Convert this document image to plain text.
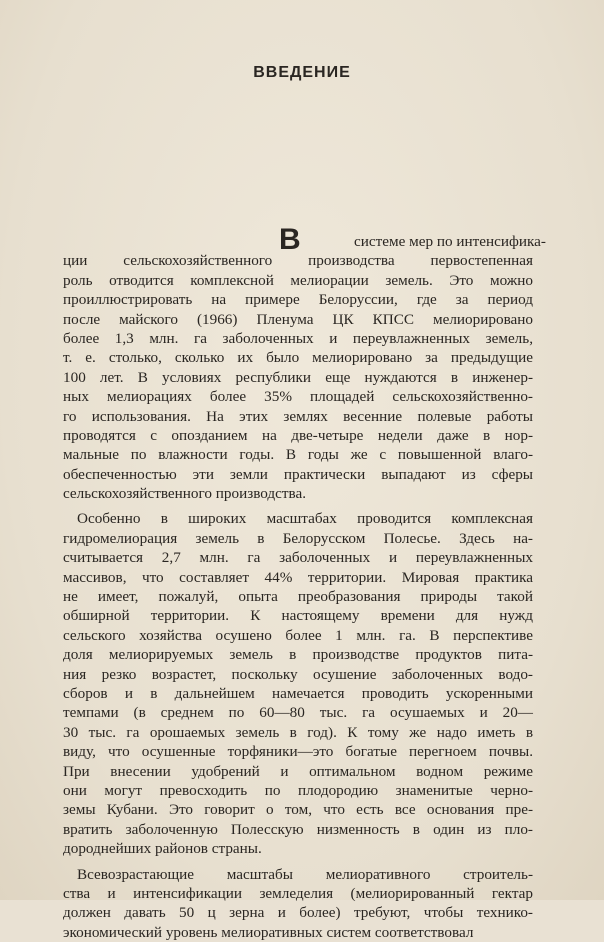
ВВЕДЕНИЕ
В	системе мер по интенсифика-
ции сельскохозяйственного производства первостепенная
роль отводится комплексной мелиорации земель. Это можно
проиллюстрировать на примере Белоруссии, где за период
после майского (1966) Пленума ЦК КПСС мелиорировано
более 1,3 млн. га заболоченных и переувлажненных земель,
т. е. столько, сколько их было мелиорировано за предыдущие
100 лет. В условиях республики еще нуждаются в инженер-
ных мелиорациях более 35% площадей сельскохозяйственно-
го использования. На этих землях весенние полевые работы
проводятся с опозданием на две-четыре недели даже в нор-
мальные по влажности годы. В годы же с повышенной влаго-
обеспеченностью эти земли практически выпадают из сферы
сельскохозяйственного производства.
Особенно в широких масштабах проводится комплексная
гидромелиорация земель в Белорусском Полесье. Здесь на-
считывается 2,7 млн. га заболоченных и переувлажненных
массивов, что составляет 44% территории. Мировая практика
не имеет, пожалуй, опыта преобразования природы такой
обширной территории. К настоящему времени для нужд
сельского хозяйства осушено более 1 млн. га. В перспективе
доля мелиорируемых земель в производстве продуктов пита-
ния резко возрастет, поскольку осушение заболоченных водо-
сборов и в дальнейшем намечается проводить ускоренными
темпами (в среднем по 60—80 тыс. га осушаемых и 20—
30 тыс. га орошаемых земель в год). К тому же надо иметь в
виду, что осушенные торфяники—это богатые перегноем почвы.
При внесении удобрений и оптимальном водном режиме
они могут превосходить по плодородию знаменитые черно-
земы Кубани. Это говорит о том, что есть все основания пре-
вратить заболоченную Полесскую низменность в один из пло-
дороднейших районов страны.
Всевозрастающие масштабы мелиоративного строитель-
ства и интенсификации земледелия (мелиорированный гектар
должен давать 50 ц зерна и более) требуют, чтобы технико-
экономический уровень мелиоративных систем соответствовал
